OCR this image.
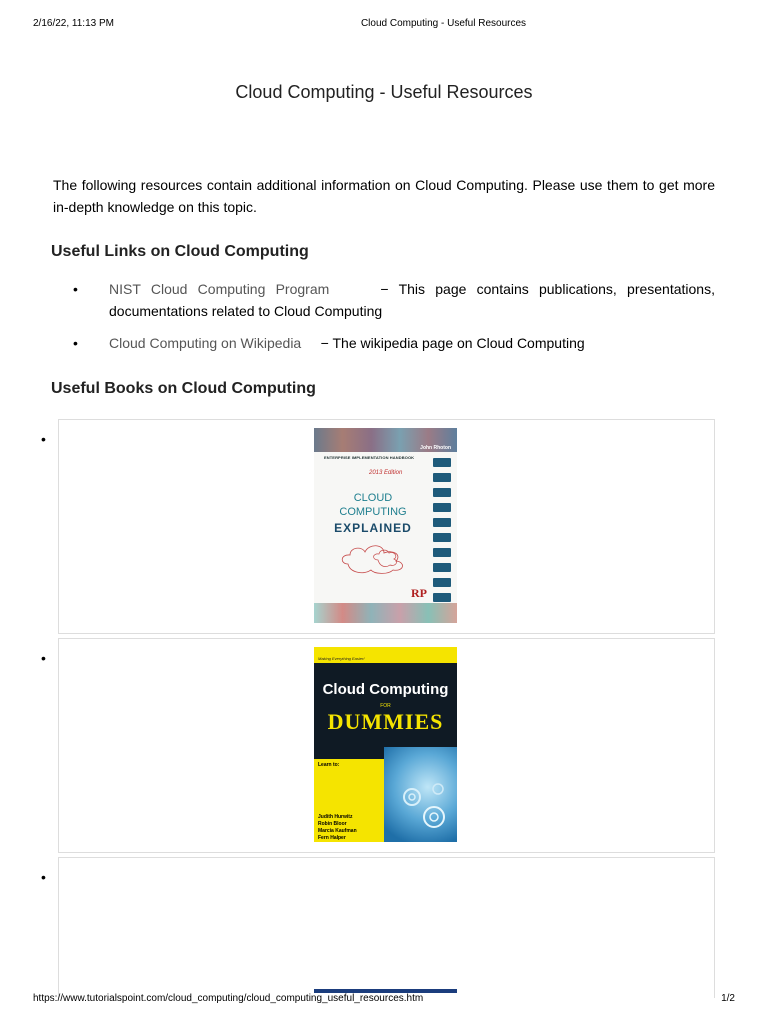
2/16/22, 11:13 PM	Cloud Computing - Useful Resources
Cloud Computing - Useful Resources
The following resources contain additional information on Cloud Computing. Please use them to get more in-depth knowledge on this topic.
Useful Links on Cloud Computing
• NIST Cloud Computing Program	− This page contains publications, presentations, documentations related to Cloud Computing
• Cloud Computing on Wikipedia − The wikipedia page on Cloud Computing
Useful Books on Cloud Computing
•
John Rhoton
ENTERPRISE IMPLEMENTATION HANDBOOK
2013 Edition
CLOUD
COMPUTING
EXPLAINED
RP
•	Making Everything Easier!
Cloud Computing
FOR
DUMMIES
Learn to:
Judith Hurwitz
Robin Bloor
Marcia Kaufman
Fern Halper
•
https://www.tutorialspoint.com/cloud_computing/cloud_computing_useful_resources.htm	1/2
